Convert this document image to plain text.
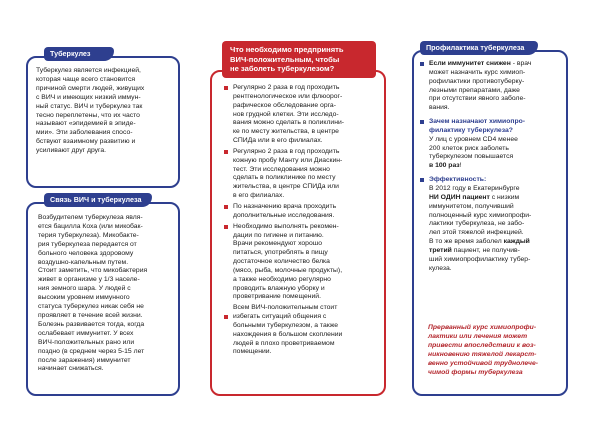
Туберкулез
Туберкулез является инфекцией,
которая чаще всего становится
причиной смерти людей, живущих
с ВИЧ и имеющих низкий иммун-
ный статус. ВИЧ и туберкулез так
тесно переплетены, что их часто
называют «эпидемией в эпиде-
мии». Эти заболевания спосо-
бствуют взаимному развитию и
усиливают друг друга.
Связь ВИЧ и туберкулеза
Возбудителем туберкулеза явля-
ется бацилла Коха (или микобак-
терия туберкулеза). Микобакте-
рия туберкулеза передается от
больного человека здоровому
воздушно-капельным путем.
Стоит заметить, что микобактерия
живет в организме у 1/3 населе-
ния земного шара. У людей с
высоким уровнем иммунного
статуса туберкулез никак себя не
проявляет в течение всей жизни.
Болезнь развивается тогда, когда
ослабевает иммунитет. У всех
ВИЧ-положительных рано или
поздно (в среднем через 5-15 лет
после заражения) иммунитет
начинает снижаться.
Что необходимо предпринять
ВИЧ-положительным, чтобы
не заболеть туберкулезом?
Регулярно 2 раза в год проходить
рентгенологическое или флюорог-
рафическое обследование орга-
нов грудной клетки. Эти исследо-
вания можно сделать в поликлини-
ке по месту жительства, в центре
СПИДа или в его филиалах.
Регулярно 2 раза в год проходить
кожную пробу Манту или Диаскин-
тест. Эти исследования можно
сделать в поликлинике по месту
жительства, в центре СПИДа или
в его филиалах.
По назначению врача проходить
дополнительные исследования.
Необходимо выполнять рекомен-
дации по гигиене и питанию.
Врачи рекомендуют хорошо
питаться, употреблять в пищу
достаточное количество белка
(мясо, рыба, молочные продукты),
а также необходимо регулярно
проводить влажную уборку и
проветривание помещений.
Всем ВИЧ-положительным стоит
избегать ситуаций общения с
больными туберкулезом, а также
нахождения в большом скоплении
людей в плохо проветриваемом
помещении.
Профилактика туберкулеза
Если иммунитет снижен - врач
может назначить курс химиоп-
рофилактики противотуберку-
лезными препаратами, даже
при отсутствии явного заболе-
вания.
Зачем назначают химиопро-
филактику туберкулеза?
У лиц с уровнем CD4 менее
200 клеток риск заболеть
туберкулезом повышается
в 100 раз!
Эффективность:
В 2012 году в Екатеринбурге
НИ ОДИН пациент с низким
иммунитетом, получивший
полноценный курс химиопрофи-
лактики туберкулеза, не забо-
лел этой тяжелой инфекцией.
В то же время заболел каждый
третий пациент, не получив-
ший химиопрофилактику тубер-
кулеза.
Прерванный курс химиопрофи-
лактики или лечения может
привести впоследствии к воз-
никновению тяжелой лекарст-
венно устойчивой труднолече-
чимой формы туберкулеза
